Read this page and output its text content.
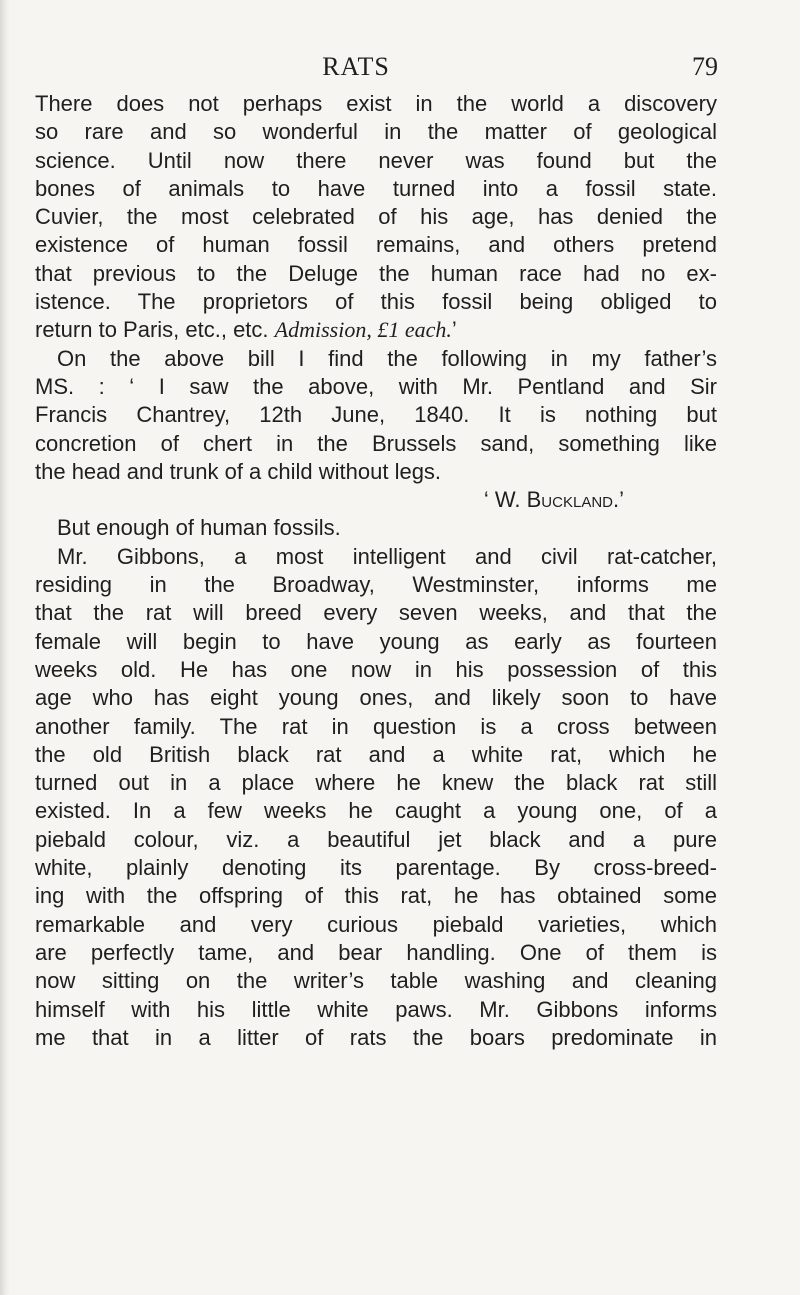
RATS	79
There does not perhaps exist in the world a discovery
so rare and so wonderful in the matter of geological
science. Until now there never was found but the
bones of animals to have turned into a fossil state.
Cuvier, the most celebrated of his age, has denied the
existence of human fossil remains, and others pretend
that previous to the Deluge the human race had no ex-
istence. The proprietors of this fossil being obliged to
return to Paris, etc., etc. Admission, £1 each.’
On the above bill I find the following in my father’s
MS. : ‘ I saw the above, with Mr. Pentland and Sir
Francis Chantrey, 12th June, 1840. It is nothing but
concretion of chert in the Brussels sand, something like
the head and trunk of a child without legs.
‘ W. Buckland.’
But enough of human fossils.
Mr. Gibbons, a most intelligent and civil rat-catcher,
residing in the Broadway, Westminster, informs me
that the rat will breed every seven weeks, and that the
female will begin to have young as early as fourteen
weeks old. He has one now in his possession of this
age who has eight young ones, and likely soon to have
another family. The rat in question is a cross between
the old British black rat and a white rat, which he
turned out in a place where he knew the black rat still
existed. In a few weeks he caught a young one, of a
piebald colour, viz. a beautiful jet black and a pure
white, plainly denoting its parentage. By cross-breed-
ing with the offspring of this rat, he has obtained some
remarkable and very curious piebald varieties, which
are perfectly tame, and bear handling. One of them is
now sitting on the writer’s table washing and cleaning
himself with his little white paws. Mr. Gibbons informs
me that in a litter of rats the boars predominate in
